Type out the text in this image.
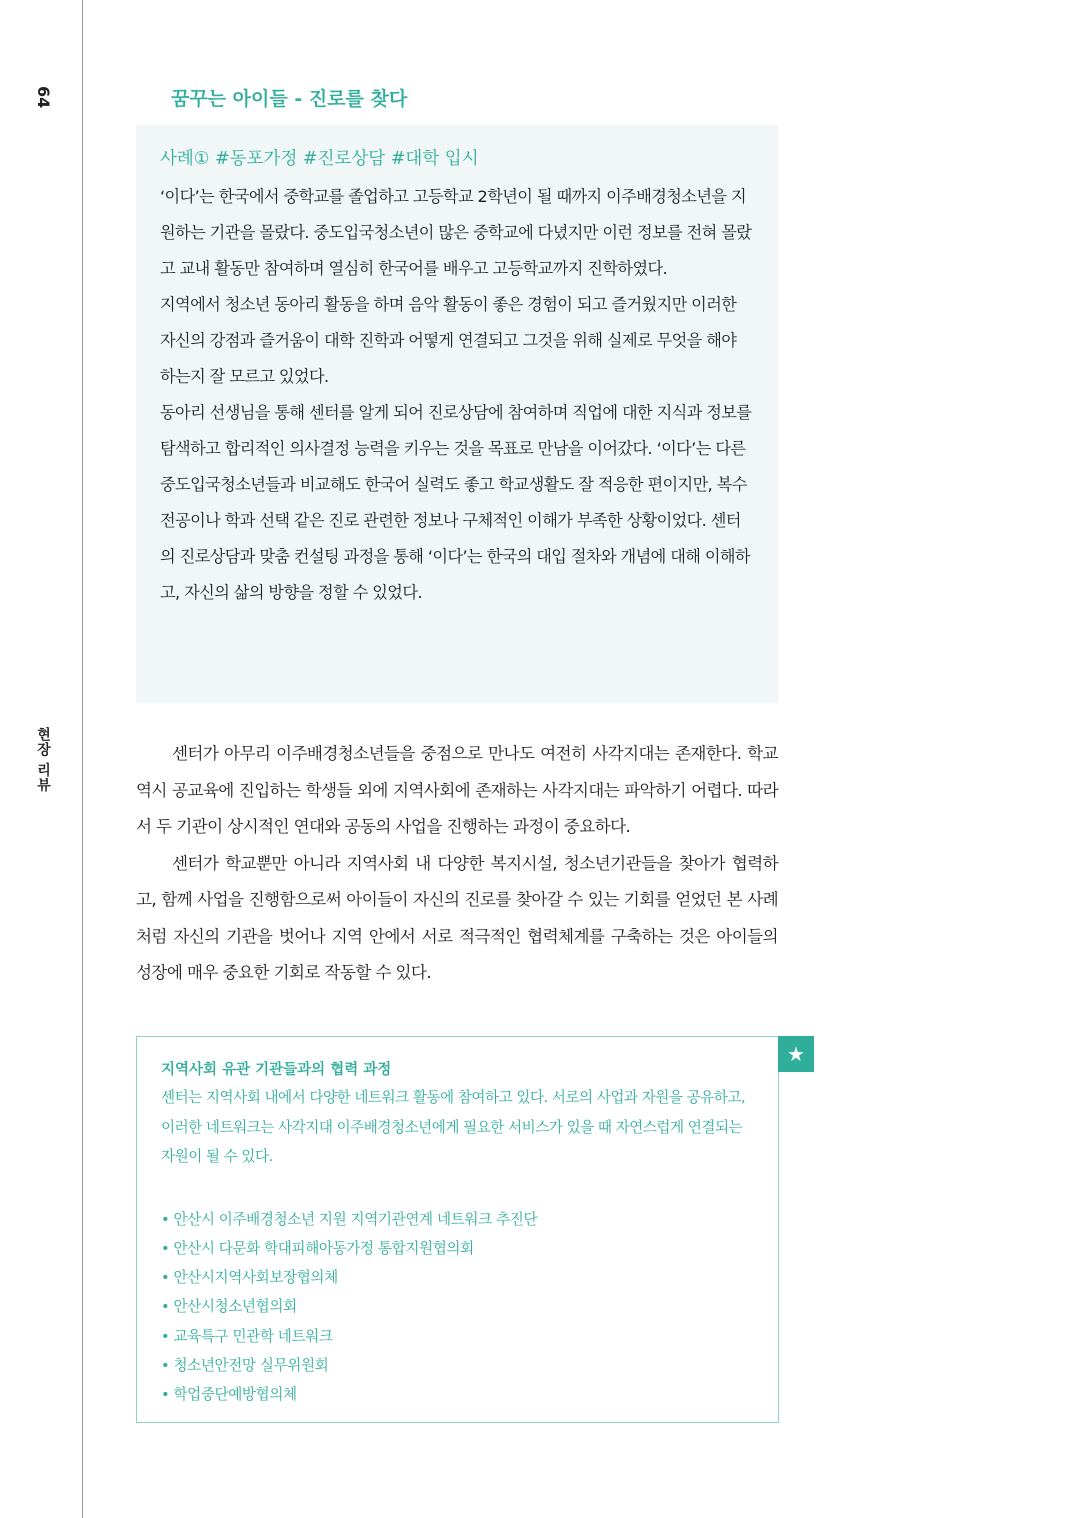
64
현장 리뷰
꿈꾸는 아이들 - 진로를 찾다

사례① #동포가정 #진로상담 #대학 입시

‘이다’는 한국에서 중학교를 졸업하고 고등학교 2학년이 될 때까지 이주배경청소년을 지원하는 기관을 몰랐다. 중도입국청소년이 많은 중학교에 다녔지만 이런 정보를 전혀 몰랐고 교내 활동만 참여하며 열심히 한국어를 배우고 고등학교까지 진학하였다.

지역에서 청소년 동아리 활동을 하며 음악 활동이 좋은 경험이 되고 즐거웠지만 이러한 자신의 강점과 즐거움이 대학 진학과 어떻게 연결되고 그것을 위해 실제로 무엇을 해야 하는지 잘 모르고 있었다.

동아리 선생님을 통해 센터를 알게 되어 진로상담에 참여하며 직업에 대한 지식과 정보를 탐색하고 합리적인 의사결정 능력을 키우는 것을 목표로 만남을 이어갔다. ‘이다’는 다른 중도입국청소년들과 비교해도 한국어 실력도 좋고 학교생활도 잘 적응한 편이지만, 복수 전공이나 학과 선택 같은 진로 관련한 정보나 구체적인 이해가 부족한 상황이었다. 센터의 진로상담과 맞춤 컨설팅 과정을 통해 ‘이다’는 한국의 대입 절차와 개념에 대해 이해하고, 자신의 삶의 방향을 정할 수 있었다.

센터가 아무리 이주배경청소년들을 중점으로 만나도 여전히 사각지대는 존재한다. 학교 역시 공교육에 진입하는 학생들 외에 지역사회에 존재하는 사각지대는 파악하기 어렵다. 따라서 두 기관이 상시적인 연대와 공동의 사업을 진행하는 과정이 중요하다.

센터가 학교뿐만 아니라 지역사회 내 다양한 복지시설, 청소년기관들을 찾아가 협력하고, 함께 사업을 진행함으로써 아이들이 자신의 진로를 찾아갈 수 있는 기회를 얻었던 본 사례처럼 자신의 기관을 벗어나 지역 안에서 서로 적극적인 협력체계를 구축하는 것은 아이들의 성장에 매우 중요한 기회로 작동할 수 있다.

지역사회 유관 기관들과의 협력 과정

센터는 지역사회 내에서 다양한 네트워크 활동에 참여하고 있다. 서로의 사업과 자원을 공유하고, 이러한 네트워크는 사각지대 이주배경청소년에게 필요한 서비스가 있을 때 자연스럽게 연결되는 자원이 될 수 있다.

• 안산시 이주배경청소년 지원 지역기관연계 네트워크 추진단
• 안산시 다문화 학대피해아동가정 통합지원협의회
• 안산시지역사회보장협의체
• 안산시청소년협의회
• 교육특구 민관학 네트워크
• 청소년안전망 실무위원회
• 학업중단예방협의체
★
